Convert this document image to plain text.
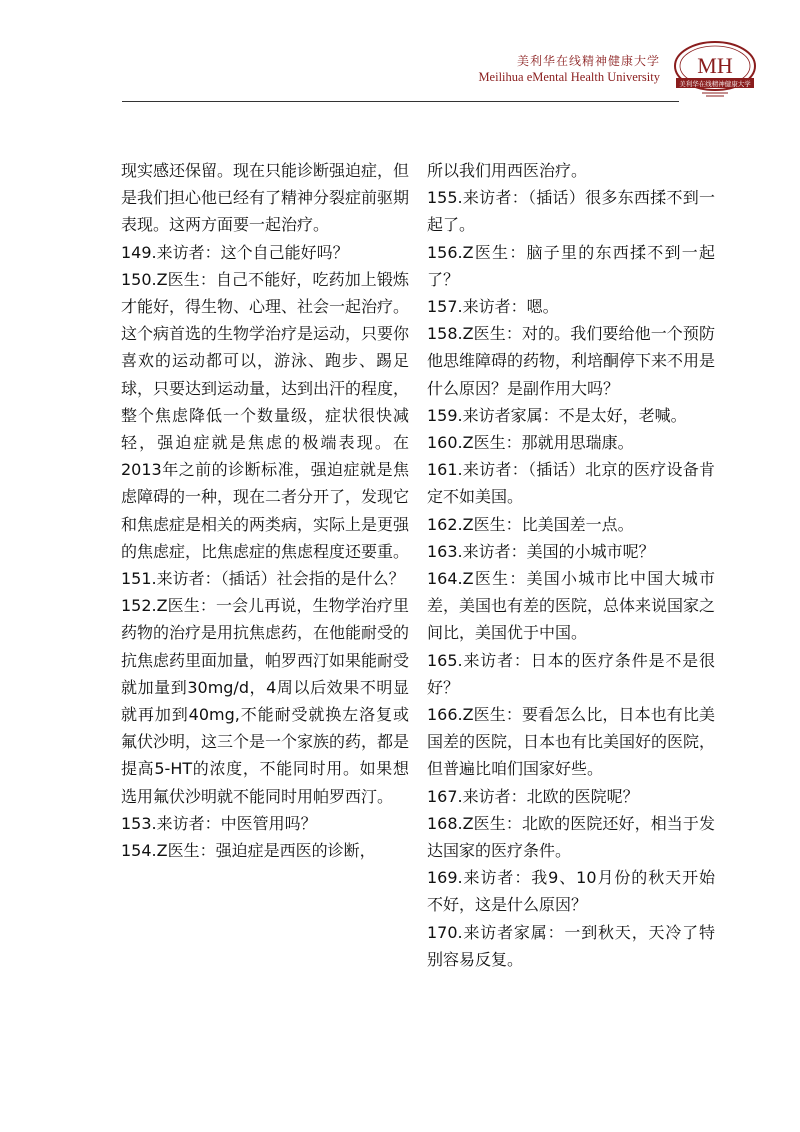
美利华在线精神健康大学
Meilihua eMental Health University MH
美利华在线精神健康大学

现实感还保留。现在只能诊断强迫症，但是我们担心他已经有了精神分裂症前驱期表现。这两方面要一起治疗。

149.来访者：这个自己能好吗？

150.Z医生：自己不能好，吃药加上锻炼才能好，得生物、心理、社会一起治疗。这个病首选的生物学治疗是运动，只要你喜欢的运动都可以，游泳、跑步、踢足球，只要达到运动量，达到出汗的程度，整个焦虑降低一个数量级，症状很快减轻，强迫症就是焦虑的极端表现。在2013年之前的诊断标准，强迫症就是焦虑障碍的一种，现在二者分开了，发现它和焦虑症是相关的两类病，实际上是更强的焦虑症，比焦虑症的焦虑程度还要重。

151.来访者：（插话）社会指的是什么？

152.Z医生：一会儿再说，生物学治疗里药物的治疗是用抗焦虑药，在他能耐受的抗焦虑药里面加量，帕罗西汀如果能耐受就加量到30mg/d，4周以后效果不明显就再加到40mg,不能耐受就换左洛复或氟伏沙明，这三个是一个家族的药，都是提高5-HT的浓度，不能同时用。如果想选用氟伏沙明就不能同时用帕罗西汀。

153.来访者：中医管用吗？

154.Z医生：强迫症是西医的诊断，

所以我们用西医治疗。

155.来访者：（插话）很多东西揉不到一起了。

156.Z医生：脑子里的东西揉不到一起了？

157.来访者：嗯。

158.Z医生：对的。我们要给他一个预防他思维障碍的药物，利培酮停下来不用是什么原因？是副作用大吗？

159.来访者家属：不是太好，老喊。

160.Z医生：那就用思瑞康。

161.来访者：（插话）北京的医疗设备肯定不如美国。

162.Z医生：比美国差一点。

163.来访者：美国的小城市呢？

164.Z医生：美国小城市比中国大城市差，美国也有差的医院，总体来说国家之间比，美国优于中国。

165.来访者：日本的医疗条件是不是很好？

166.Z医生：要看怎么比，日本也有比美国差的医院，日本也有比美国好的医院，但普遍比咱们国家好些。

167.来访者：北欧的医院呢？

168.Z医生：北欧的医院还好，相当于发达国家的医疗条件。

169.来访者：我9、10月份的秋天开始不好，这是什么原因？

170.来访者家属：一到秋天，天冷了特别容易反复。
